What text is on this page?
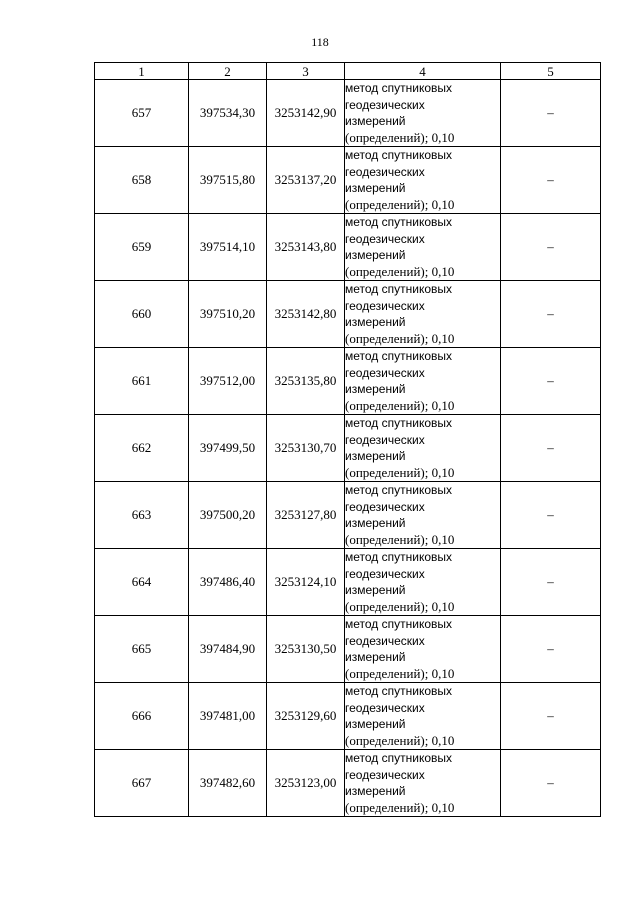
118
1	2	3	4	5
657	397534,30	3253142,90	метод спутниковых
геодезических
измерений
(определений); 0,10	–
658	397515,80	3253137,20	метод спутниковых
геодезических
измерений
(определений); 0,10	–
659	397514,10	3253143,80	метод спутниковых
геодезических
измерений
(определений); 0,10	–
660	397510,20	3253142,80	метод спутниковых
геодезических
измерений
(определений); 0,10	–
661	397512,00	3253135,80	метод спутниковых
геодезических
измерений
(определений); 0,10	–
662	397499,50	3253130,70	метод спутниковых
геодезических
измерений
(определений); 0,10	–
663	397500,20	3253127,80	метод спутниковых
геодезических
измерений
(определений); 0,10	–
664	397486,40	3253124,10	метод спутниковых
геодезических
измерений
(определений); 0,10	–
665	397484,90	3253130,50	метод спутниковых
геодезических
измерений
(определений); 0,10	–
666	397481,00	3253129,60	метод спутниковых
геодезических
измерений
(определений); 0,10	–
667	397482,60	3253123,00	метод спутниковых
геодезических
измерений
(определений); 0,10	–
